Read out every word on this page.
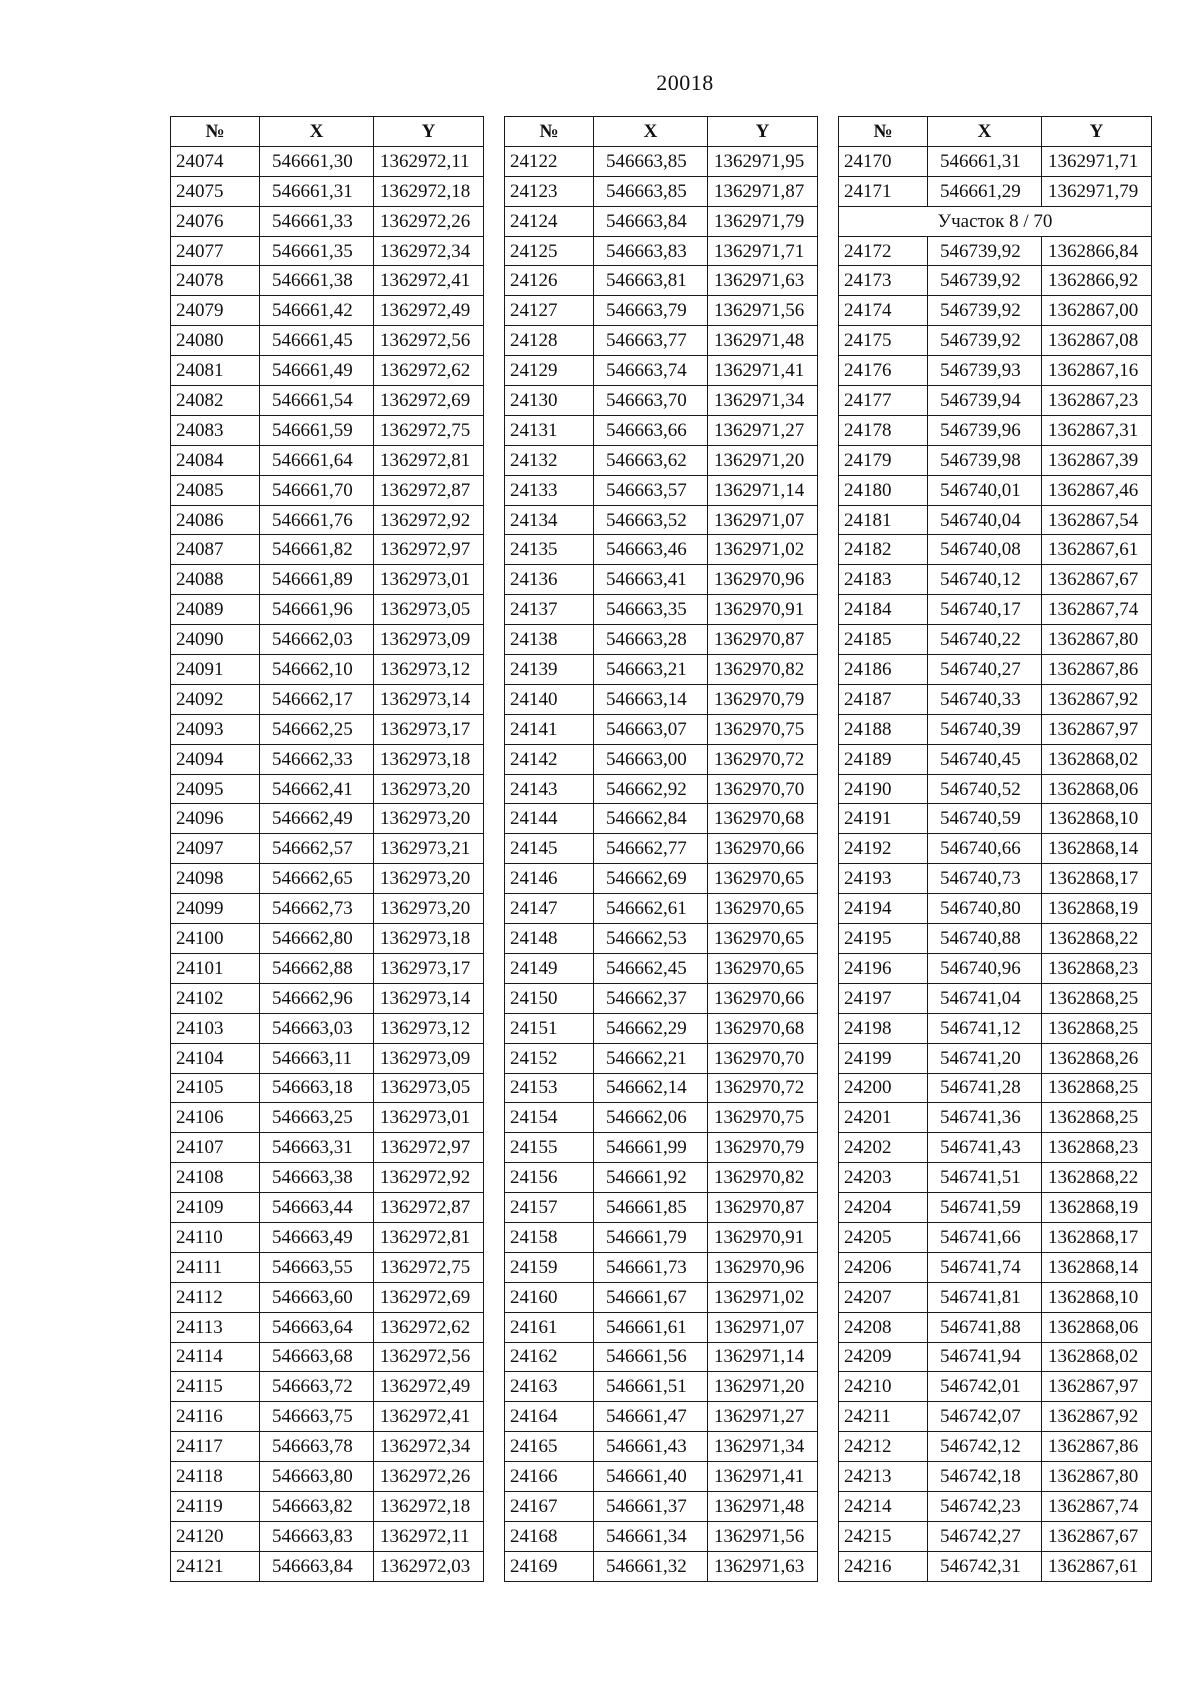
20018
№	X	Y
24074	546661,30	1362972,11
24075	546661,31	1362972,18
24076	546661,33	1362972,26
24077	546661,35	1362972,34
24078	546661,38	1362972,41
24079	546661,42	1362972,49
24080	546661,45	1362972,56
24081	546661,49	1362972,62
24082	546661,54	1362972,69
24083	546661,59	1362972,75
24084	546661,64	1362972,81
24085	546661,70	1362972,87
24086	546661,76	1362972,92
24087	546661,82	1362972,97
24088	546661,89	1362973,01
24089	546661,96	1362973,05
24090	546662,03	1362973,09
24091	546662,10	1362973,12
24092	546662,17	1362973,14
24093	546662,25	1362973,17
24094	546662,33	1362973,18
24095	546662,41	1362973,20
24096	546662,49	1362973,20
24097	546662,57	1362973,21
24098	546662,65	1362973,20
24099	546662,73	1362973,20
24100	546662,80	1362973,18
24101	546662,88	1362973,17
24102	546662,96	1362973,14
24103	546663,03	1362973,12
24104	546663,11	1362973,09
24105	546663,18	1362973,05
24106	546663,25	1362973,01
24107	546663,31	1362972,97
24108	546663,38	1362972,92
24109	546663,44	1362972,87
24110	546663,49	1362972,81
24111	546663,55	1362972,75
24112	546663,60	1362972,69
24113	546663,64	1362972,62
24114	546663,68	1362972,56
24115	546663,72	1362972,49
24116	546663,75	1362972,41
24117	546663,78	1362972,34
24118	546663,80	1362972,26
24119	546663,82	1362972,18
24120	546663,83	1362972,11
24121	546663,84	1362972,03
№	X	Y
24122	546663,85	1362971,95
24123	546663,85	1362971,87
24124	546663,84	1362971,79
24125	546663,83	1362971,71
24126	546663,81	1362971,63
24127	546663,79	1362971,56
24128	546663,77	1362971,48
24129	546663,74	1362971,41
24130	546663,70	1362971,34
24131	546663,66	1362971,27
24132	546663,62	1362971,20
24133	546663,57	1362971,14
24134	546663,52	1362971,07
24135	546663,46	1362971,02
24136	546663,41	1362970,96
24137	546663,35	1362970,91
24138	546663,28	1362970,87
24139	546663,21	1362970,82
24140	546663,14	1362970,79
24141	546663,07	1362970,75
24142	546663,00	1362970,72
24143	546662,92	1362970,70
24144	546662,84	1362970,68
24145	546662,77	1362970,66
24146	546662,69	1362970,65
24147	546662,61	1362970,65
24148	546662,53	1362970,65
24149	546662,45	1362970,65
24150	546662,37	1362970,66
24151	546662,29	1362970,68
24152	546662,21	1362970,70
24153	546662,14	1362970,72
24154	546662,06	1362970,75
24155	546661,99	1362970,79
24156	546661,92	1362970,82
24157	546661,85	1362970,87
24158	546661,79	1362970,91
24159	546661,73	1362970,96
24160	546661,67	1362971,02
24161	546661,61	1362971,07
24162	546661,56	1362971,14
24163	546661,51	1362971,20
24164	546661,47	1362971,27
24165	546661,43	1362971,34
24166	546661,40	1362971,41
24167	546661,37	1362971,48
24168	546661,34	1362971,56
24169	546661,32	1362971,63
№	X	Y
24170	546661,31	1362971,71
24171	546661,29	1362971,79
Участок 8 / 70		
24172	546739,92	1362866,84
24173	546739,92	1362866,92
24174	546739,92	1362867,00
24175	546739,92	1362867,08
24176	546739,93	1362867,16
24177	546739,94	1362867,23
24178	546739,96	1362867,31
24179	546739,98	1362867,39
24180	546740,01	1362867,46
24181	546740,04	1362867,54
24182	546740,08	1362867,61
24183	546740,12	1362867,67
24184	546740,17	1362867,74
24185	546740,22	1362867,80
24186	546740,27	1362867,86
24187	546740,33	1362867,92
24188	546740,39	1362867,97
24189	546740,45	1362868,02
24190	546740,52	1362868,06
24191	546740,59	1362868,10
24192	546740,66	1362868,14
24193	546740,73	1362868,17
24194	546740,80	1362868,19
24195	546740,88	1362868,22
24196	546740,96	1362868,23
24197	546741,04	1362868,25
24198	546741,12	1362868,25
24199	546741,20	1362868,26
24200	546741,28	1362868,25
24201	546741,36	1362868,25
24202	546741,43	1362868,23
24203	546741,51	1362868,22
24204	546741,59	1362868,19
24205	546741,66	1362868,17
24206	546741,74	1362868,14
24207	546741,81	1362868,10
24208	546741,88	1362868,06
24209	546741,94	1362868,02
24210	546742,01	1362867,97
24211	546742,07	1362867,92
24212	546742,12	1362867,86
24213	546742,18	1362867,80
24214	546742,23	1362867,74
24215	546742,27	1362867,67
24216	546742,31	1362867,61
